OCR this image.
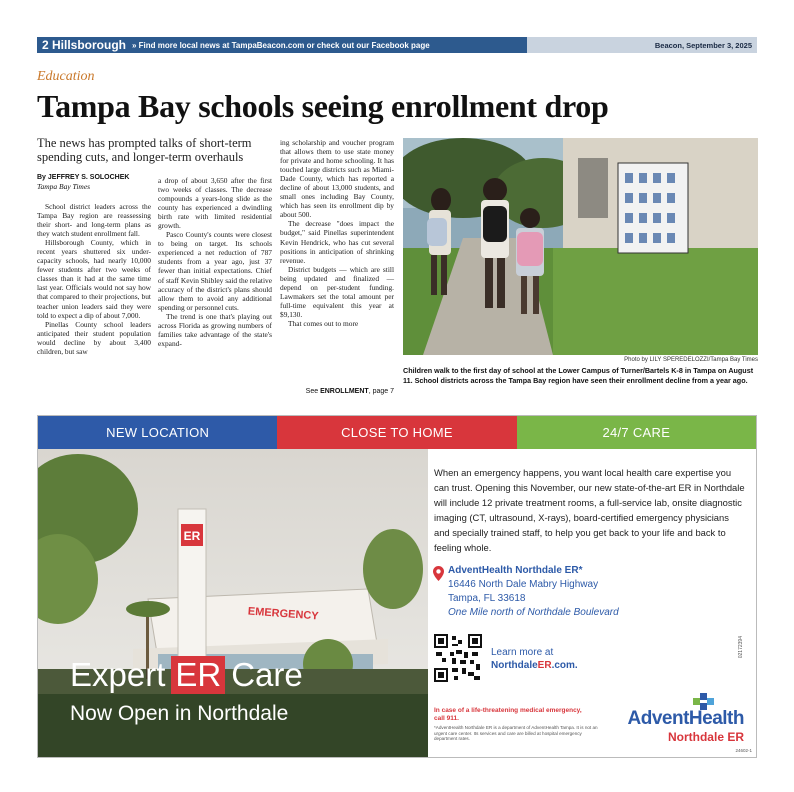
2 Hillsborough » Find more local news at TampaBeacon.com or check out our Facebook page	Beacon, September 3, 2025
Education
Tampa Bay schools seeing enrollment drop
The news has prompted talks of short-term spending cuts, and longer-term overhauls
By JEFFREY S. SOLOCHEK
Tampa Bay Times

School district leaders across the Tampa Bay region are reassessing their short- and long-term plans as they watch student enrollment fall.

Hillsborough County, which in recent years shuttered six under-capacity schools, had nearly 10,000 fewer students after two weeks of classes than it had at the same time last year. Officials would not say how that compared to their projections, but teacher union leaders said they were told to expect a dip of about 7,000.

Pinellas County school leaders anticipated their student population would decline by about 3,400 children, but saw

a drop of about 3,650 after the first two weeks of classes. The decrease compounds a years-long slide as the county has experienced a dwindling birth rate with limited residential growth.

Pasco County's counts were closest to being on target. Its schools experienced a net reduction of 787 students from a year ago, just 37 fewer than initial expectations. Chief of staff Kevin Shibley said the relative accuracy of the district's plans should allow them to avoid any additional spending or personnel cuts.

The trend is one that's playing out across Florida as growing numbers of families take advantage of the state's expand-

ing scholarship and voucher program that allows them to use state money for private and home schooling. It has touched large districts such as Miami-Dade County, which has reported a decline of about 13,000 students, and small ones including Bay County, which has seen its enrollment dip by about 500.

The decrease "does impact the budget," said Pinellas superintendent Kevin Hendrick, who has cut several positions in anticipation of shrinking revenue.

District budgets — which are still being updated and finalized — depend on per-student funding. Lawmakers set the total amount per full-time equivalent this year at $9,130.

That comes out to more

See ENROLLMENT, page 7
Photo by LILY SPEREDELOZZI/Tampa Bay Times
Children walk to the first day of school at the Lower Campus of Turner/Bartels K-8 in Tampa on August 11. School districts across the Tampa Bay region have seen their enrollment decline from a year ago.
NEW LOCATION	CLOSE TO HOME	24/7 CARE
ER
EMERGENCY
Expert ER Care
Now Open in Northdale
When an emergency happens, you want local health care expertise you can trust. Opening this November, our new state-of-the-art ER in Northdale will include 12 private treatment rooms, a full-service lab, onsite diagnostic imaging (CT, ultrasound, X-rays), board-certified emergency physicians and specially trained staff, to help you get back to your life and back to feeling whole.
AdventHealth Northdale ER*
16446 North Dale Mabry Highway
Tampa, FL 33618
One Mile north of Northdale Boulevard
Learn more at
NorthdaleER.com.
In case of a life-threatening medical emergency, call 911.
*AdventHealth Northdale ER is a department of AdventHealth Tampa. It is not an urgent care center. Its services and care are billed at hospital emergency department rates.
AdventHealth
Northdale ER
02172394
24602-1
